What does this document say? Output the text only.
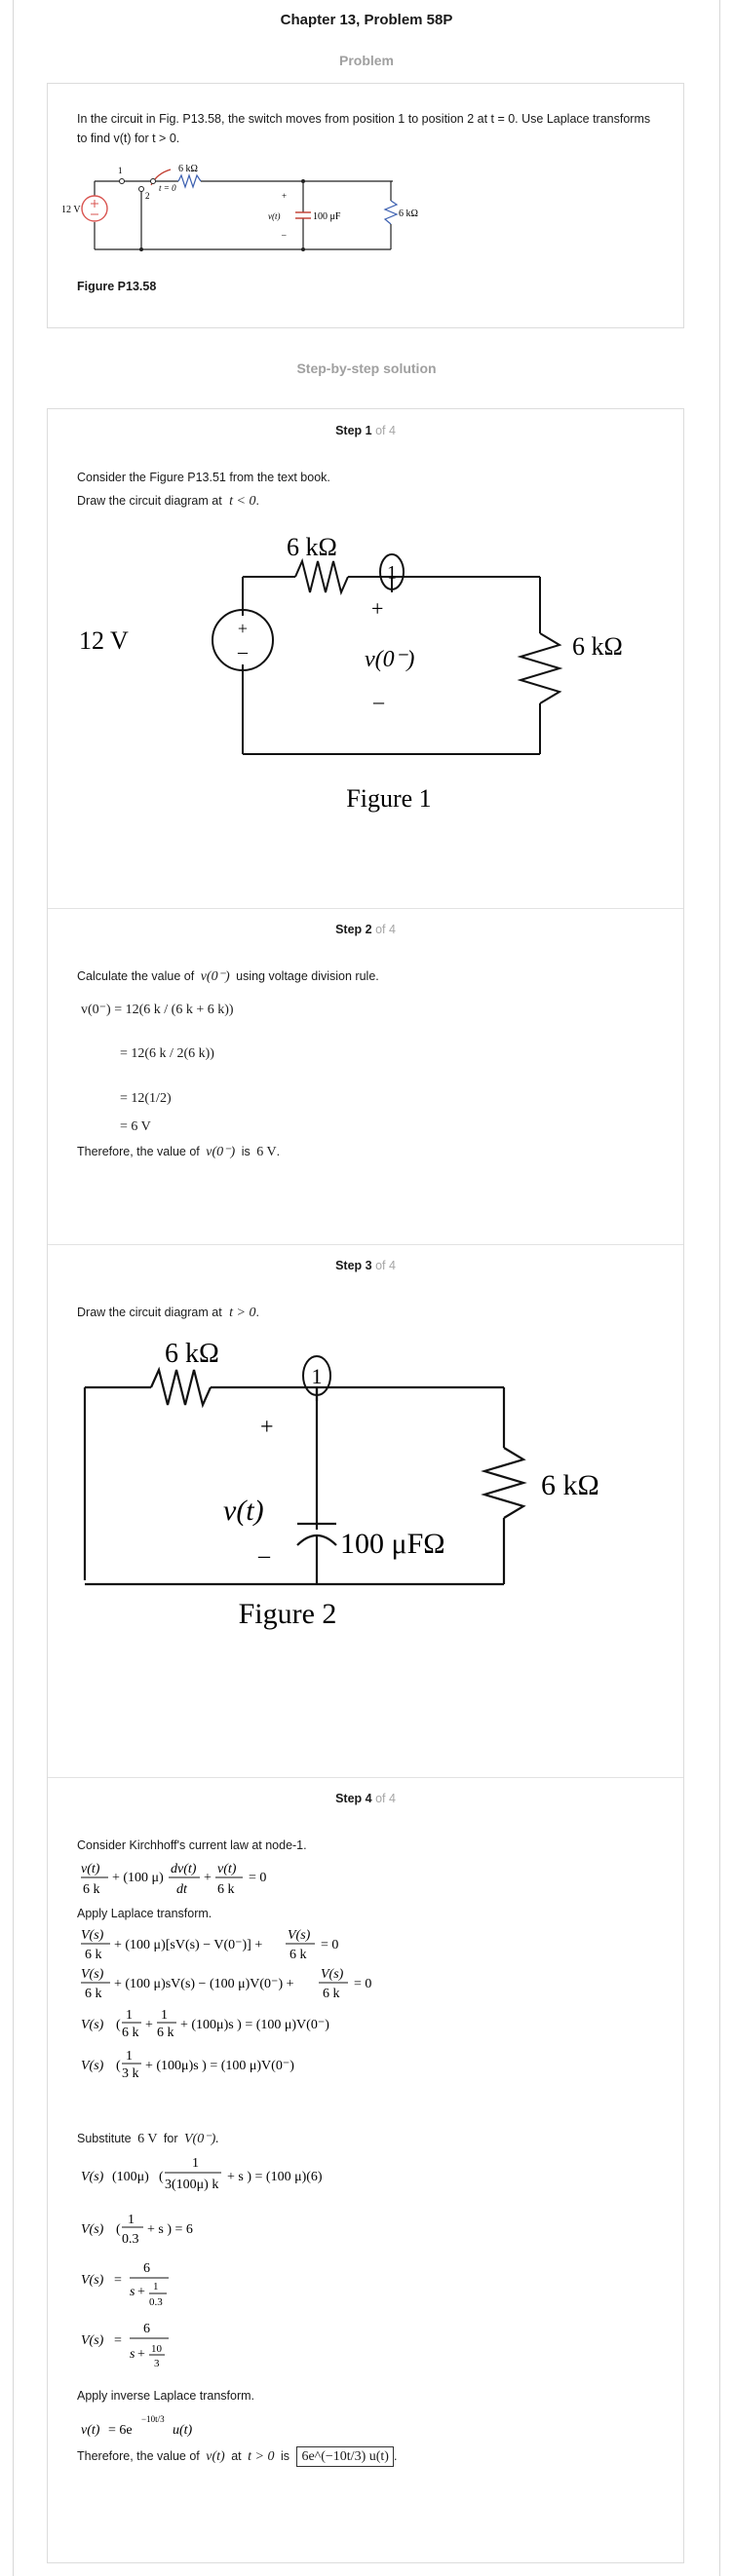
Chapter 13, Problem 58P
Problem
In the circuit in Fig. P13.58, the switch moves from position 1 to position 2 at t = 0. Use Laplace transforms to find v(t) for t > 0.
12 V
6 kΩ
1
2
t = 0
100 μF
v(t)
+
–
6 kΩ
Figure P13.58
Step-by-step solution
Step 1 of 4
Consider the Figure P13.51 from the text book.
Draw the circuit diagram at t < 0.
+
–
1
6 kΩ
12 V
+
v(0⁻)
–
6 kΩ
Figure 1
Step 2 of 4
Calculate the value of v(0⁻) using voltage division rule.
v(0⁻) = 12(6 k / (6 k + 6 k))
= 12(6 k / 2(6 k))
= 12(1/2)
= 6 V
Therefore, the value of v(0⁻) is 6 V.
Step 3 of 4
Draw the circuit diagram at t > 0.
1
6 kΩ
+
v(t)
100 μFΩ
–
6 kΩ
Figure 2
Step 4 of 4
Consider Kirchhoff's current law at node-1.
v(t)
6 k
+ (100 μ)
dv(t)
dt
+
v(t)
6 k
= 0
Apply Laplace transform.
V(s)
6 k
+ (100 μ)[sV(s) − V(0⁻)] +
V(s)
6 k
= 0
V(s)
6 k
+ (100 μ)sV(s) − (100 μ)V(0⁻) +
V(s)
6 k
= 0
V(s) (
1
6 k
+
1
6 k
+ (100μ)s ) = (100 μ)V(0⁻)
V(s) (
1
3 k
+ (100μ)s ) = (100 μ)V(0⁻)
Substitute 6 V for V(0⁻).
V(s) (100μ) (
1
3(100μ) k
+ s ) = (100 μ)(6)
V(s) (
1
0.3
+ s ) = 6
V(s) =
6
s + 1
0.3
V(s) =
6
s + 10
3
Apply inverse Laplace transform.
v(t) = 6e
−10t/3
u(t)
Therefore, the value of v(t) at t > 0 is 6e^(−10t/3) u(t) .
